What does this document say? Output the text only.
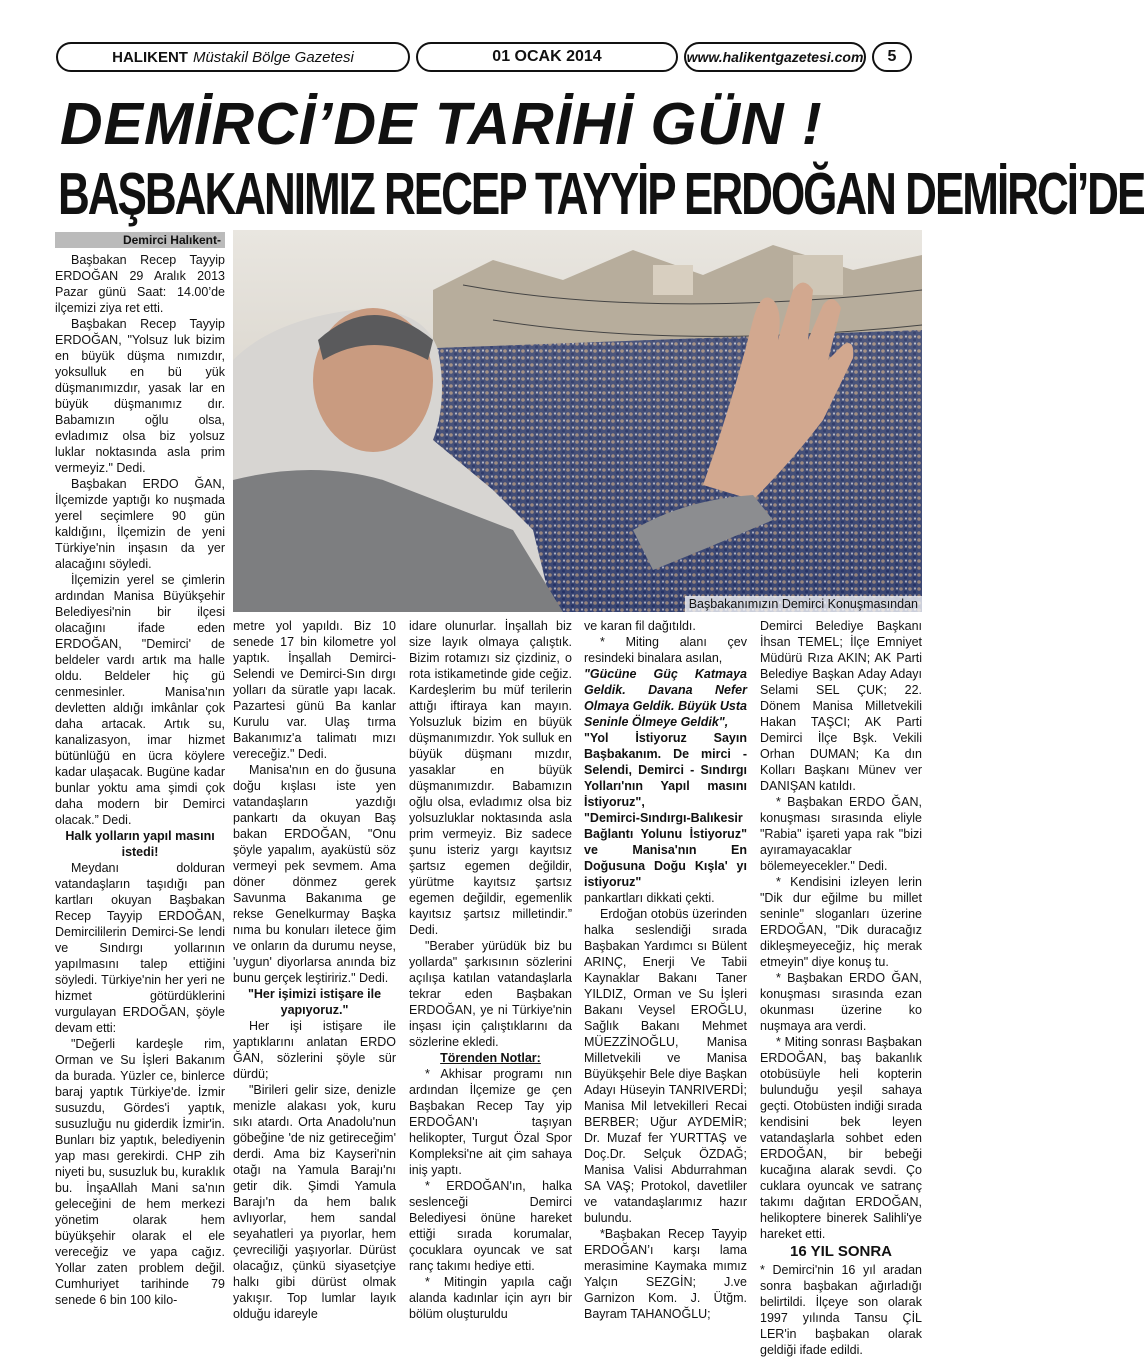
HALIKENT Müstakil Bölge Gazetesi	01 OCAK 2014	www.halikentgazetesi.com	5
DEMİRCİ’DE TARİHİ GÜN !
BAŞBAKANIMIZ RECEP TAYYİP ERDOĞAN DEMİRCİ’DE
Demirci Halıkent-
Başbakanımızın Demirci Konuşmasından

Başbakan Recep Tayyip ERDOĞAN 29 Aralık 2013 Pazar günü Saat: 14.00’de ilçemizi ziya ret etti.

Başbakan Recep Tayyip ERDOĞAN, "Yolsuz luk bizim en büyük düşma nımızdır, yoksulluk en bü yük düşmanımızdır, yasak lar en büyük düşmanımız dır. Babamızın oğlu olsa, evladımız olsa biz yolsuz luklar noktasında asla prim vermeyiz." Dedi.

Başbakan ERDO ĞAN, İlçemizde yaptığı ko nuşmada yerel seçimlere 90 gün kaldığını, İlçemizin de yeni Türkiye'nin inşasın da yer alacağını söyledi.

İlçemizin yerel se çimlerin ardından Manisa Büyükşehir Belediyesi'nin bir ilçesi olacağını ifade eden ERDOĞAN, "Demirci' de beldeler vardı artık ma halle oldu. Beldeler hiç gü cenmesinler. Manisa'nın devletten aldığı imkânlar çok daha artacak. Artık su, kanalizasyon, imar hizmet bütünlüğü en ücra köylere kadar ulaşacak. Bugüne kadar bunlar yoktu ama şimdi çok daha modern bir Demirci olacak.” Dedi.

Halk yolların yapıl masını istedi!

Meydanı dolduran vatandaşların taşıdığı pan kartları okuyan Başbakan Recep Tayyip ERDOĞAN, Demircililerin Demirci-Se lendi ve Sındırgı yollarının yapılmasını talep ettiğini söyledi. Türkiye'nin her yeri ne hizmet götürdüklerini vurgulayan ERDOĞAN, şöyle devam etti:

"Değerli kardeşle rim, Orman ve Su İşleri Bakanım da burada. Yüzler ce, binlerce baraj yaptık Türkiye'de. İzmir susuzdu, Gördes'i yaptık, susuzluğu nu giderdik İzmir'in. Bunları biz yaptık, belediyenin yap ması gerekirdi. CHP zih niyeti bu, susuzluk bu, kuraklık bu. İnşaAllah Mani sa'nın geleceğini de hem merkezi yönetim olarak hem büyükşehir olarak el ele vereceğiz ve yapa cağız. Yollar zaten problem değil. Cumhuriyet tarihinde 79 senede 6 bin 100 kilo-

metre yol yapıldı. Biz 10 senede 17 bin kilometre yol yaptık. İnşallah Demirci-Selendi ve Demirci-Sın dırgı yolları da süratle yapı lacak. Pazartesi günü Ba kanlar Kurulu var. Ulaş tırma Bakanımız'a talimatı mızı vereceğiz." Dedi.

Manisa'nın en do ğusuna doğu kışlası iste yen vatandaşların yazdığı pankartı da okuyan Baş bakan ERDOĞAN, "Onu şöyle yapalım, ayaküstü söz vermeyi pek sevmem. Ama döner dönmez gerek Savunma Bakanıma ge rekse Genelkurmay Başka nıma bu konuları iletece ğim ve onların da durumu neyse, 'uygun' diyorlarsa anında biz bunu gerçek leştiririz." Dedi.

"Her işimizi istişare ile yapıyoruz."

Her işi istişare ile yaptıklarını anlatan ERDO ĞAN, sözlerini şöyle sür dürdü;

"Birileri gelir size, denizle menizle alakası yok, kuru sıkı atardı. Orta Anadolu'nun göbeğine 'de niz getireceğim' derdi. Ama biz Kayseri'nin otağı na Yamula Barajı'nı getir dik. Şimdi Yamula Barajı'n da hem balık avlıyorlar, hem sandal seyahatleri ya pıyorlar, hem çevreciliği yaşıyorlar. Dürüst olacağız, çünkü siyasetçiye halkı gibi dürüst olmak yakışır. Top lumlar layık olduğu idareyle

idare olunurlar. İnşallah biz size layık olmaya çalıştık. Bizim rotamızı siz çizdiniz, o rota istikametinde gide ceğiz. Kardeşlerim bu müf terilerin attığı iftiraya kan mayın. Yolsuzluk bizim en büyük düşmanımızdır. Yok sulluk en büyük düşmanı mızdır, yasaklar en büyük düşmanımızdır. Babamızın oğlu olsa, evladımız olsa biz yolsuzluklar noktasında asla prim vermeyiz. Biz sadece şunu isteriz yargı kayıtsız şartsız egemen değildir, yürütme kayıtsız şartsız egemen değildir, egemenlik kayıtsız şartsız milletindir.” Dedi.

"Beraber yürüdük biz bu yollarda" şarkısının sözlerini açılışa katılan vatandaşlarla tekrar eden Başbakan ERDOĞAN, ye ni Türkiye'nin inşası için çalıştıklarını da sözlerine ekledi.

Törenden Notlar:

* Akhisar programı nın ardından İlçemize ge çen Başbakan Recep Tay yip ERDOĞAN'ı taşıyan helikopter, Turgut Özal Spor Kompleksi'ne ait çim sahaya iniş yaptı.

* ERDOĞAN'ın, halka seslenceği Demirci Belediyesi önüne hareket ettiği sırada korumalar, çocuklara oyuncak ve sat ranç takımı hediye etti.

* Mitingin yapıla cağı alanda kadınlar için ayrı bir bölüm oluşturuldu

ve karan fil dağıtıldı.

* Miting alanı çev resindeki binalara asılan,

"Gücüne Güç Katmaya Geldik. Davana Nefer Olmaya Geldik. Büyük Usta Seninle Ölmeye Geldik",

"Yol İstiyoruz Sayın Başbakanım. De mirci - Selendi, Demirci - Sındırgı Yolları'nın Yapıl masını İstiyoruz",

"Demirci-Sındırgı-Balıkesir Bağlantı Yolunu İstiyoruz" ve Manisa'nın En Doğusuna Doğu Kışla' yı istiyoruz"

pankartları dikkati çekti.

Erdoğan otobüs üzerinden halka seslendiği sırada Başbakan Yardımcı sı Bülent ARINÇ, Enerji Ve Tabii Kaynaklar Bakanı Taner YILDIZ, Orman ve Su İşleri Bakanı Veysel EROĞLU, Sağlık Bakanı Mehmet MÜEZZİNOĞLU, Manisa Milletvekili ve Manisa Büyükşehir Bele diye Başkan Adayı Hüseyin TANRIVERDİ; Manisa Mil letvekilleri Recai BERBER; Uğur AYDEMİR; Dr. Muzaf fer YURTTAŞ ve Doç.Dr. Selçuk ÖZDAĞ; Manisa Valisi Abdurrahman SA VAŞ; Protokol, davetliler ve vatandaşlarımız hazır bulundu.

*Başbakan Recep Tayyip ERDOĞAN’ı karşı lama merasimine Kaymaka mımız Yalçın SEZGİN; J.ve Garnizon Kom. J. Ütğm. Bayram TAHANOĞLU;

Demirci Belediye Başkanı İhsan TEMEL; İlçe Emniyet Müdürü Rıza AKIN; AK Parti Belediye Başkan Aday Adayı Selami SEL ÇUK; 22. Dönem Manisa Milletvekili Hakan TAŞCI; AK Parti Demirci İlçe Bşk. Vekili Orhan DUMAN; Ka dın Kolları Başkanı Münev ver DANIŞAN katıldı.

* Başbakan ERDO ĞAN, konuşması sırasında eliyle "Rabia" işareti yapa rak "bizi ayıramayacaklar bölemeyecekler." Dedi.

* Kendisini izleyen lerin "Dik dur eğilme bu millet seninle" sloganları üzerine ERDOĞAN, "Dik duracağız dikleşmeyeceğiz, hiç merak etmeyin" diye konuş tu.

* Başbakan ERDO ĞAN, konuşması sırasında ezan okunması üzerine ko nuşmaya ara verdi.

* Miting sonrası Başbakan ERDOĞAN, baş bakanlık otobüsüyle heli kopterin bulunduğu yeşil sahaya geçti. Otobüsten indiği sırada kendisini bek leyen vatandaşlarla sohbet eden ERDOĞAN, bir bebeği kucağına alarak sevdi. Ço cuklara oyuncak ve satranç takımı dağıtan ERDOĞAN, helikoptere binerek Salihli'ye hareket etti.

16 YIL SONRA

* Demirci'nin 16 yıl aradan sonra başbakan ağırladığı belirtildi. İlçeye son olarak 1997 yılında Tansu ÇİL LER'in başbakan olarak geldiği ifade edildi.
